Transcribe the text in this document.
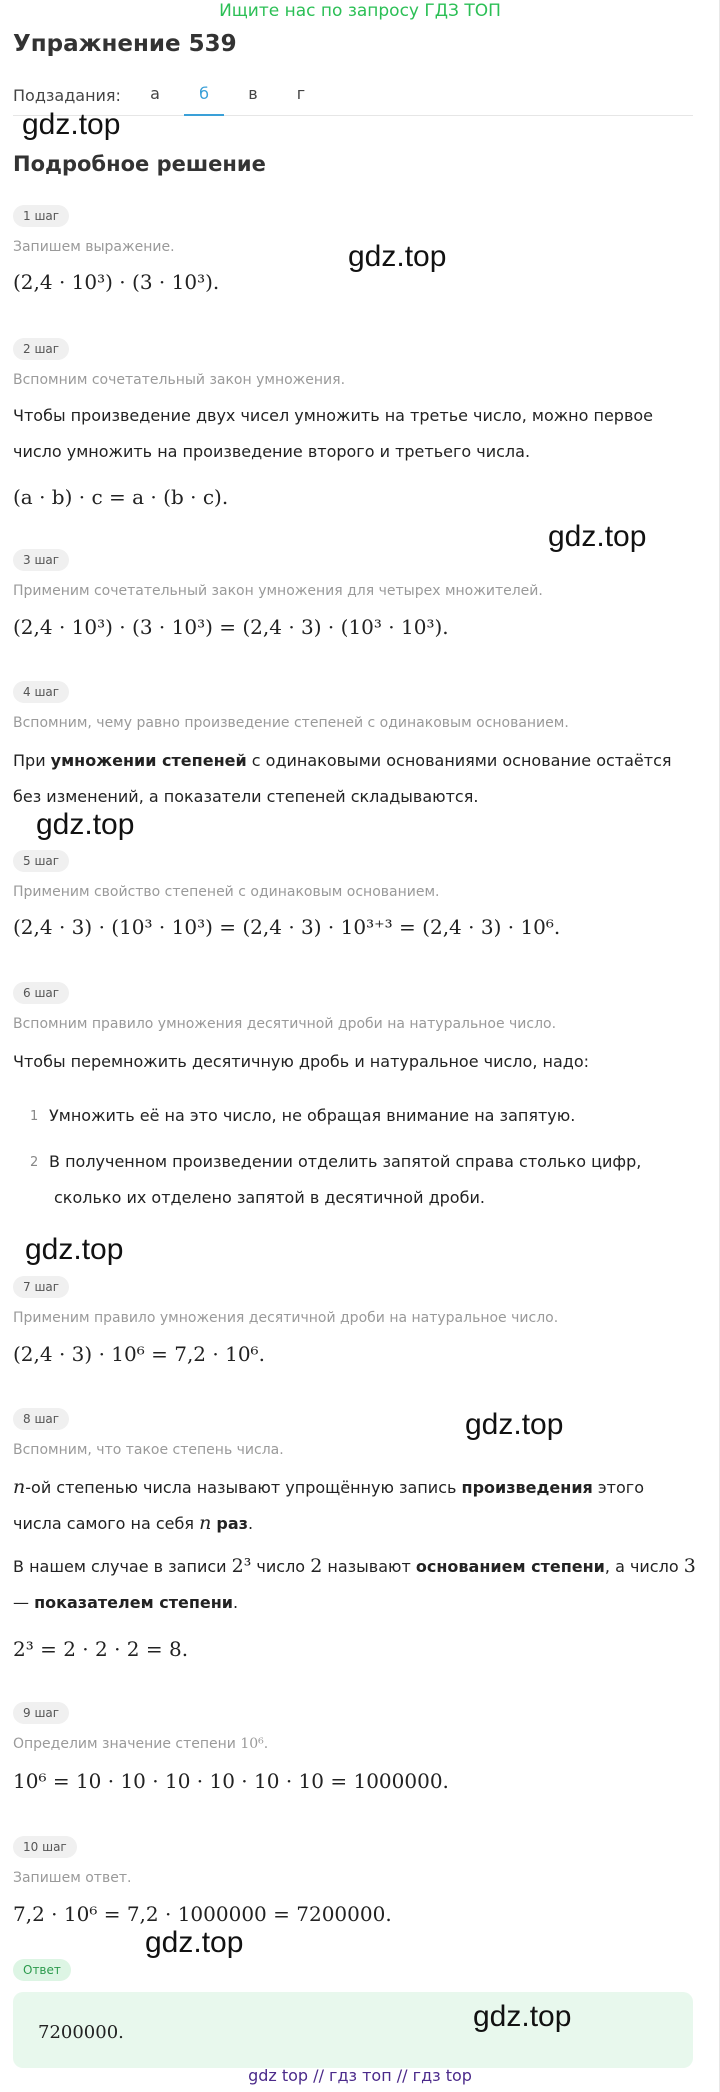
Ищите нас по запросу ГДЗ ТОП
Упражнение 539
Подзадания:	а	б	в	г
gdz.top
Подробное решение
1 шаг
Запишем выражение.	gdz.top
(2,4 · 10³) · (3 · 10³).
2 шаг
Вспомним сочетательный закон умножения.
Чтобы произведение двух чисел умножить на третье число, можно первое
число умножить на произведение второго и третьего числа.
(a · b) · c = a · (b · c).
gdz.top
3 шаг
Применим сочетательный закон умножения для четырех множителей.
(2,4 · 10³) · (3 · 10³) = (2,4 · 3) · (10³ · 10³).
4 шаг
Вспомним, чему равно произведение степеней с одинаковым основанием.
При умножении степеней с одинаковыми основаниями основание остаётся
без изменений, а показатели степеней складываются.
gdz.top
5 шаг
Применим свойство степеней с одинаковым основанием.
(2,4 · 3) · (10³ · 10³) = (2,4 · 3) · 10³⁺³ = (2,4 · 3) · 10⁶.
6 шаг
Вспомним правило умножения десятичной дроби на натуральное число.
Чтобы перемножить десятичную дробь и натуральное число, надо:
1 Умножить её на это число, не обращая внимание на запятую.
2 В полученном произведении отделить запятой справа столько цифр,
сколько их отделено запятой в десятичной дроби.
gdz.top
7 шаг
Применим правило умножения десятичной дроби на натуральное число.
(2,4 · 3) · 10⁶ = 7,2 · 10⁶.
8 шаг
Вспомним, что такое степень числа.
gdz.top
n-ой степенью числа называют упрощённую запись произведения этого
числа самого на себя n раз.
В нашем случае в записи 2³ число 2 называют основанием степени, а число 3
— показателем степени.
2³ = 2 · 2 · 2 = 8.
9 шаг
Определим значение степени 10⁶.
10⁶ = 10 · 10 · 10 · 10 · 10 · 10 = 1000000.
10 шаг
Запишем ответ.
7,2 · 10⁶ = 7,2 · 1000000 = 7200000.
gdz.top
Ответ
7200000.	gdz.top
gdz top // гдз топ // гдз top
